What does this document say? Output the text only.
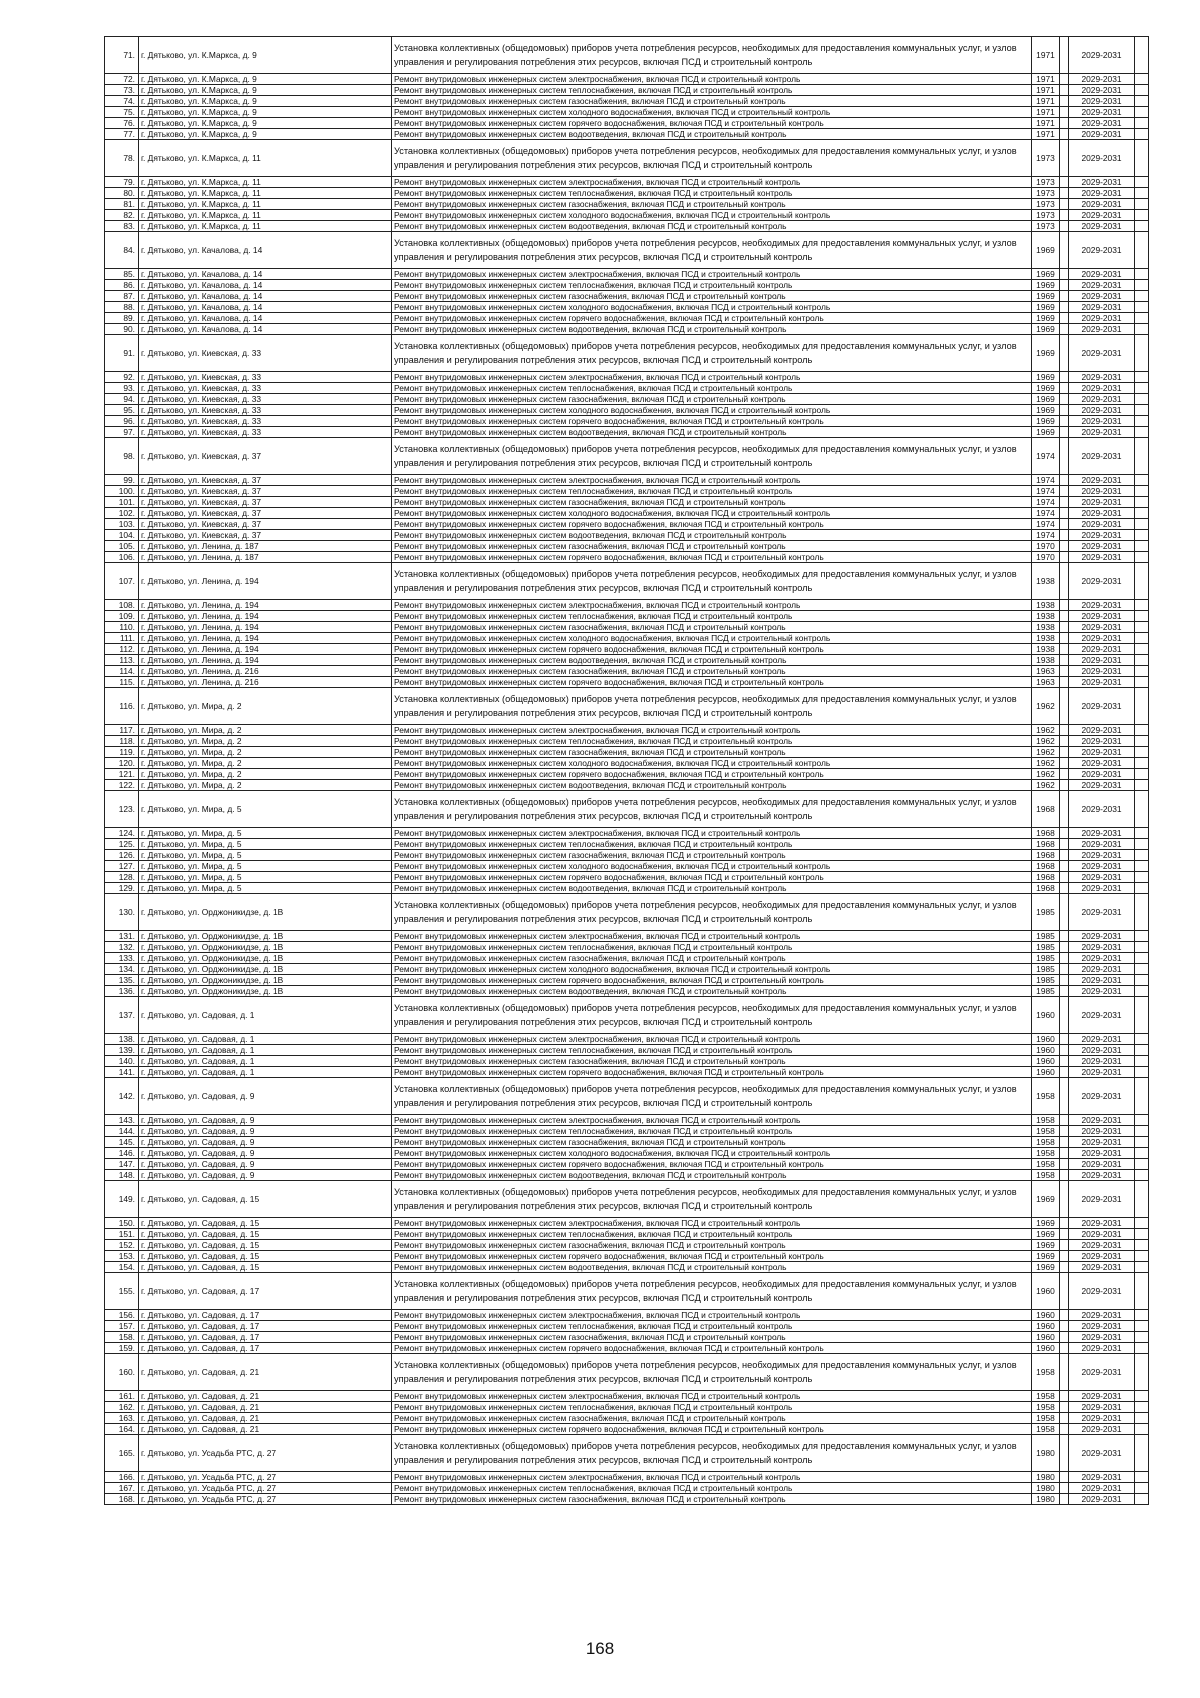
71.	г. Дятьково, ул. К.Маркса, д. 9	Установка коллективных (общедомовых) приборов учета потребления ресурсов, необходимых для предоставления коммунальных услуг, и узлов управления и регулирования потребления этих ресурсов, включая ПСД и строительный контроль	1971		2029-2031	
72.	г. Дятьково, ул. К.Маркса, д. 9	Ремонт внутридомовых инженерных систем электроснабжения, включая ПСД и строительный контроль	1971		2029-2031	
73.	г. Дятьково, ул. К.Маркса, д. 9	Ремонт внутридомовых инженерных систем теплоснабжения, включая ПСД и строительный контроль	1971		2029-2031	
74.	г. Дятьково, ул. К.Маркса, д. 9	Ремонт внутридомовых инженерных систем газоснабжения, включая ПСД и строительный контроль	1971		2029-2031	
75.	г. Дятьково, ул. К.Маркса, д. 9	Ремонт внутридомовых инженерных систем холодного водоснабжения, включая ПСД и строительный контроль	1971		2029-2031	
76.	г. Дятьково, ул. К.Маркса, д. 9	Ремонт внутридомовых инженерных систем горячего водоснабжения, включая ПСД и строительный контроль	1971		2029-2031	
77.	г. Дятьково, ул. К.Маркса, д. 9	Ремонт внутридомовых инженерных систем водоотведения, включая ПСД и строительный контроль	1971		2029-2031	
78.	г. Дятьково, ул. К.Маркса, д. 11	Установка коллективных (общедомовых) приборов учета потребления ресурсов, необходимых для предоставления коммунальных услуг, и узлов управления и регулирования потребления этих ресурсов, включая ПСД и строительный контроль	1973		2029-2031	
79.	г. Дятьково, ул. К.Маркса, д. 11	Ремонт внутридомовых инженерных систем электроснабжения, включая ПСД и строительный контроль	1973		2029-2031	
80.	г. Дятьково, ул. К.Маркса, д. 11	Ремонт внутридомовых инженерных систем теплоснабжения, включая ПСД и строительный контроль	1973		2029-2031	
81.	г. Дятьково, ул. К.Маркса, д. 11	Ремонт внутридомовых инженерных систем газоснабжения, включая ПСД и строительный контроль	1973		2029-2031	
82.	г. Дятьково, ул. К.Маркса, д. 11	Ремонт внутридомовых инженерных систем холодного водоснабжения, включая ПСД и строительный контроль	1973		2029-2031	
83.	г. Дятьково, ул. К.Маркса, д. 11	Ремонт внутридомовых инженерных систем водоотведения, включая ПСД и строительный контроль	1973		2029-2031	
84.	г. Дятьково, ул. Качалова, д. 14	Установка коллективных (общедомовых) приборов учета потребления ресурсов, необходимых для предоставления коммунальных услуг, и узлов управления и регулирования потребления этих ресурсов, включая ПСД и строительный контроль	1969		2029-2031	
85.	г. Дятьково, ул. Качалова, д. 14	Ремонт внутридомовых инженерных систем электроснабжения, включая ПСД и строительный контроль	1969		2029-2031	
86.	г. Дятьково, ул. Качалова, д. 14	Ремонт внутридомовых инженерных систем теплоснабжения, включая ПСД и строительный контроль	1969		2029-2031	
87.	г. Дятьково, ул. Качалова, д. 14	Ремонт внутридомовых инженерных систем газоснабжения, включая ПСД и строительный контроль	1969		2029-2031	
88.	г. Дятьково, ул. Качалова, д. 14	Ремонт внутридомовых инженерных систем холодного водоснабжения, включая ПСД и строительный контроль	1969		2029-2031	
89.	г. Дятьково, ул. Качалова, д. 14	Ремонт внутридомовых инженерных систем горячего водоснабжения, включая ПСД и строительный контроль	1969		2029-2031	
90.	г. Дятьково, ул. Качалова, д. 14	Ремонт внутридомовых инженерных систем водоотведения, включая ПСД и строительный контроль	1969		2029-2031	
91.	г. Дятьково, ул. Киевская, д. 33	Установка коллективных (общедомовых) приборов учета потребления ресурсов, необходимых для предоставления коммунальных услуг, и узлов управления и регулирования потребления этих ресурсов, включая ПСД и строительный контроль	1969		2029-2031	
92.	г. Дятьково, ул. Киевская, д. 33	Ремонт внутридомовых инженерных систем электроснабжения, включая ПСД и строительный контроль	1969		2029-2031	
93.	г. Дятьково, ул. Киевская, д. 33	Ремонт внутридомовых инженерных систем теплоснабжения, включая ПСД и строительный контроль	1969		2029-2031	
94.	г. Дятьково, ул. Киевская, д. 33	Ремонт внутридомовых инженерных систем газоснабжения, включая ПСД и строительный контроль	1969		2029-2031	
95.	г. Дятьково, ул. Киевская, д. 33	Ремонт внутридомовых инженерных систем холодного водоснабжения, включая ПСД и строительный контроль	1969		2029-2031	
96.	г. Дятьково, ул. Киевская, д. 33	Ремонт внутридомовых инженерных систем горячего водоснабжения, включая ПСД и строительный контроль	1969		2029-2031	
97.	г. Дятьково, ул. Киевская, д. 33	Ремонт внутридомовых инженерных систем водоотведения, включая ПСД и строительный контроль	1969		2029-2031	
98.	г. Дятьково, ул. Киевская, д. 37	Установка коллективных (общедомовых) приборов учета потребления ресурсов, необходимых для предоставления коммунальных услуг, и узлов управления и регулирования потребления этих ресурсов, включая ПСД и строительный контроль	1974		2029-2031	
99.	г. Дятьково, ул. Киевская, д. 37	Ремонт внутридомовых инженерных систем электроснабжения, включая ПСД и строительный контроль	1974		2029-2031	
100.	г. Дятьково, ул. Киевская, д. 37	Ремонт внутридомовых инженерных систем теплоснабжения, включая ПСД и строительный контроль	1974		2029-2031	
101.	г. Дятьково, ул. Киевская, д. 37	Ремонт внутридомовых инженерных систем газоснабжения, включая ПСД и строительный контроль	1974		2029-2031	
102.	г. Дятьково, ул. Киевская, д. 37	Ремонт внутридомовых инженерных систем холодного водоснабжения, включая ПСД и строительный контроль	1974		2029-2031	
103.	г. Дятьково, ул. Киевская, д. 37	Ремонт внутридомовых инженерных систем горячего водоснабжения, включая ПСД и строительный контроль	1974		2029-2031	
104.	г. Дятьково, ул. Киевская, д. 37	Ремонт внутридомовых инженерных систем водоотведения, включая ПСД и строительный контроль	1974		2029-2031	
105.	г. Дятьково, ул. Ленина, д. 187	Ремонт внутридомовых инженерных систем газоснабжения, включая ПСД и строительный контроль	1970		2029-2031	
106.	г. Дятьково, ул. Ленина, д. 187	Ремонт внутридомовых инженерных систем горячего водоснабжения, включая ПСД и строительный контроль	1970		2029-2031	
107.	г. Дятьково, ул. Ленина, д. 194	Установка коллективных (общедомовых) приборов учета потребления ресурсов, необходимых для предоставления коммунальных услуг, и узлов управления и регулирования потребления этих ресурсов, включая ПСД и строительный контроль	1938		2029-2031	
108.	г. Дятьково, ул. Ленина, д. 194	Ремонт внутридомовых инженерных систем электроснабжения, включая ПСД и строительный контроль	1938		2029-2031	
109.	г. Дятьково, ул. Ленина, д. 194	Ремонт внутридомовых инженерных систем теплоснабжения, включая ПСД и строительный контроль	1938		2029-2031	
110.	г. Дятьково, ул. Ленина, д. 194	Ремонт внутридомовых инженерных систем газоснабжения, включая ПСД и строительный контроль	1938		2029-2031	
111.	г. Дятьково, ул. Ленина, д. 194	Ремонт внутридомовых инженерных систем холодного водоснабжения, включая ПСД и строительный контроль	1938		2029-2031	
112.	г. Дятьково, ул. Ленина, д. 194	Ремонт внутридомовых инженерных систем горячего водоснабжения, включая ПСД и строительный контроль	1938		2029-2031	
113.	г. Дятьково, ул. Ленина, д. 194	Ремонт внутридомовых инженерных систем водоотведения, включая ПСД и строительный контроль	1938		2029-2031	
114.	г. Дятьково, ул. Ленина, д. 216	Ремонт внутридомовых инженерных систем газоснабжения, включая ПСД и строительный контроль	1963		2029-2031	
115.	г. Дятьково, ул. Ленина, д. 216	Ремонт внутридомовых инженерных систем горячего водоснабжения, включая ПСД и строительный контроль	1963		2029-2031	
116.	г. Дятьково, ул. Мира, д. 2	Установка коллективных (общедомовых) приборов учета потребления ресурсов, необходимых для предоставления коммунальных услуг, и узлов управления и регулирования потребления этих ресурсов, включая ПСД и строительный контроль	1962		2029-2031	
117.	г. Дятьково, ул. Мира, д. 2	Ремонт внутридомовых инженерных систем электроснабжения, включая ПСД и строительный контроль	1962		2029-2031	
118.	г. Дятьково, ул. Мира, д. 2	Ремонт внутридомовых инженерных систем теплоснабжения, включая ПСД и строительный контроль	1962		2029-2031	
119.	г. Дятьково, ул. Мира, д. 2	Ремонт внутридомовых инженерных систем газоснабжения, включая ПСД и строительный контроль	1962		2029-2031	
120.	г. Дятьково, ул. Мира, д. 2	Ремонт внутридомовых инженерных систем холодного водоснабжения, включая ПСД и строительный контроль	1962		2029-2031	
121.	г. Дятьково, ул. Мира, д. 2	Ремонт внутридомовых инженерных систем горячего водоснабжения, включая ПСД и строительный контроль	1962		2029-2031	
122.	г. Дятьково, ул. Мира, д. 2	Ремонт внутридомовых инженерных систем водоотведения, включая ПСД и строительный контроль	1962		2029-2031	
123.	г. Дятьково, ул. Мира, д. 5	Установка коллективных (общедомовых) приборов учета потребления ресурсов, необходимых для предоставления коммунальных услуг, и узлов управления и регулирования потребления этих ресурсов, включая ПСД и строительный контроль	1968		2029-2031	
124.	г. Дятьково, ул. Мира, д. 5	Ремонт внутридомовых инженерных систем электроснабжения, включая ПСД и строительный контроль	1968		2029-2031	
125.	г. Дятьково, ул. Мира, д. 5	Ремонт внутридомовых инженерных систем теплоснабжения, включая ПСД и строительный контроль	1968		2029-2031	
126.	г. Дятьково, ул. Мира, д. 5	Ремонт внутридомовых инженерных систем газоснабжения, включая ПСД и строительный контроль	1968		2029-2031	
127.	г. Дятьково, ул. Мира, д. 5	Ремонт внутридомовых инженерных систем холодного водоснабжения, включая ПСД и строительный контроль	1968		2029-2031	
128.	г. Дятьково, ул. Мира, д. 5	Ремонт внутридомовых инженерных систем горячего водоснабжения, включая ПСД и строительный контроль	1968		2029-2031	
129.	г. Дятьково, ул. Мира, д. 5	Ремонт внутридомовых инженерных систем водоотведения, включая ПСД и строительный контроль	1968		2029-2031	
130.	г. Дятьково, ул. Орджоникидзе, д. 1В	Установка коллективных (общедомовых) приборов учета потребления ресурсов, необходимых для предоставления коммунальных услуг, и узлов управления и регулирования потребления этих ресурсов, включая ПСД и строительный контроль	1985		2029-2031	
131.	г. Дятьково, ул. Орджоникидзе, д. 1В	Ремонт внутридомовых инженерных систем электроснабжения, включая ПСД и строительный контроль	1985		2029-2031	
132.	г. Дятьково, ул. Орджоникидзе, д. 1В	Ремонт внутридомовых инженерных систем теплоснабжения, включая ПСД и строительный контроль	1985		2029-2031	
133.	г. Дятьково, ул. Орджоникидзе, д. 1В	Ремонт внутридомовых инженерных систем газоснабжения, включая ПСД и строительный контроль	1985		2029-2031	
134.	г. Дятьково, ул. Орджоникидзе, д. 1В	Ремонт внутридомовых инженерных систем холодного водоснабжения, включая ПСД и строительный контроль	1985		2029-2031	
135.	г. Дятьково, ул. Орджоникидзе, д. 1В	Ремонт внутридомовых инженерных систем горячего водоснабжения, включая ПСД и строительный контроль	1985		2029-2031	
136.	г. Дятьково, ул. Орджоникидзе, д. 1В	Ремонт внутридомовых инженерных систем водоотведения, включая ПСД и строительный контроль	1985		2029-2031	
137.	г. Дятьково, ул. Садовая, д. 1	Установка коллективных (общедомовых) приборов учета потребления ресурсов, необходимых для предоставления коммунальных услуг, и узлов управления и регулирования потребления этих ресурсов, включая ПСД и строительный контроль	1960		2029-2031	
138.	г. Дятьково, ул. Садовая, д. 1	Ремонт внутридомовых инженерных систем электроснабжения, включая ПСД и строительный контроль	1960		2029-2031	
139.	г. Дятьково, ул. Садовая, д. 1	Ремонт внутридомовых инженерных систем теплоснабжения, включая ПСД и строительный контроль	1960		2029-2031	
140.	г. Дятьково, ул. Садовая, д. 1	Ремонт внутридомовых инженерных систем газоснабжения, включая ПСД и строительный контроль	1960		2029-2031	
141.	г. Дятьково, ул. Садовая, д. 1	Ремонт внутридомовых инженерных систем горячего водоснабжения, включая ПСД и строительный контроль	1960		2029-2031	
142.	г. Дятьково, ул. Садовая, д. 9	Установка коллективных (общедомовых) приборов учета потребления ресурсов, необходимых для предоставления коммунальных услуг, и узлов управления и регулирования потребления этих ресурсов, включая ПСД и строительный контроль	1958		2029-2031	
143.	г. Дятьково, ул. Садовая, д. 9	Ремонт внутридомовых инженерных систем электроснабжения, включая ПСД и строительный контроль	1958		2029-2031	
144.	г. Дятьково, ул. Садовая, д. 9	Ремонт внутридомовых инженерных систем теплоснабжения, включая ПСД и строительный контроль	1958		2029-2031	
145.	г. Дятьково, ул. Садовая, д. 9	Ремонт внутридомовых инженерных систем газоснабжения, включая ПСД и строительный контроль	1958		2029-2031	
146.	г. Дятьково, ул. Садовая, д. 9	Ремонт внутридомовых инженерных систем холодного водоснабжения, включая ПСД и строительный контроль	1958		2029-2031	
147.	г. Дятьково, ул. Садовая, д. 9	Ремонт внутридомовых инженерных систем горячего водоснабжения, включая ПСД и строительный контроль	1958		2029-2031	
148.	г. Дятьково, ул. Садовая, д. 9	Ремонт внутридомовых инженерных систем водоотведения, включая ПСД и строительный контроль	1958		2029-2031	
149.	г. Дятьково, ул. Садовая, д. 15	Установка коллективных (общедомовых) приборов учета потребления ресурсов, необходимых для предоставления коммунальных услуг, и узлов управления и регулирования потребления этих ресурсов, включая ПСД и строительный контроль	1969		2029-2031	
150.	г. Дятьково, ул. Садовая, д. 15	Ремонт внутридомовых инженерных систем электроснабжения, включая ПСД и строительный контроль	1969		2029-2031	
151.	г. Дятьково, ул. Садовая, д. 15	Ремонт внутридомовых инженерных систем теплоснабжения, включая ПСД и строительный контроль	1969		2029-2031	
152.	г. Дятьково, ул. Садовая, д. 15	Ремонт внутридомовых инженерных систем газоснабжения, включая ПСД и строительный контроль	1969		2029-2031	
153.	г. Дятьково, ул. Садовая, д. 15	Ремонт внутридомовых инженерных систем горячего водоснабжения, включая ПСД и строительный контроль	1969		2029-2031	
154.	г. Дятьково, ул. Садовая, д. 15	Ремонт внутридомовых инженерных систем водоотведения, включая ПСД и строительный контроль	1969		2029-2031	
155.	г. Дятьково, ул. Садовая, д. 17	Установка коллективных (общедомовых) приборов учета потребления ресурсов, необходимых для предоставления коммунальных услуг, и узлов управления и регулирования потребления этих ресурсов, включая ПСД и строительный контроль	1960		2029-2031	
156.	г. Дятьково, ул. Садовая, д. 17	Ремонт внутридомовых инженерных систем электроснабжения, включая ПСД и строительный контроль	1960		2029-2031	
157.	г. Дятьково, ул. Садовая, д. 17	Ремонт внутридомовых инженерных систем теплоснабжения, включая ПСД и строительный контроль	1960		2029-2031	
158.	г. Дятьково, ул. Садовая, д. 17	Ремонт внутридомовых инженерных систем газоснабжения, включая ПСД и строительный контроль	1960		2029-2031	
159.	г. Дятьково, ул. Садовая, д. 17	Ремонт внутридомовых инженерных систем горячего водоснабжения, включая ПСД и строительный контроль	1960		2029-2031	
160.	г. Дятьково, ул. Садовая, д. 21	Установка коллективных (общедомовых) приборов учета потребления ресурсов, необходимых для предоставления коммунальных услуг, и узлов управления и регулирования потребления этих ресурсов, включая ПСД и строительный контроль	1958		2029-2031	
161.	г. Дятьково, ул. Садовая, д. 21	Ремонт внутридомовых инженерных систем электроснабжения, включая ПСД и строительный контроль	1958		2029-2031	
162.	г. Дятьково, ул. Садовая, д. 21	Ремонт внутридомовых инженерных систем теплоснабжения, включая ПСД и строительный контроль	1958		2029-2031	
163.	г. Дятьково, ул. Садовая, д. 21	Ремонт внутридомовых инженерных систем газоснабжения, включая ПСД и строительный контроль	1958		2029-2031	
164.	г. Дятьково, ул. Садовая, д. 21	Ремонт внутридомовых инженерных систем горячего водоснабжения, включая ПСД и строительный контроль	1958		2029-2031	
165.	г. Дятьково, ул. Усадьба РТС, д. 27	Установка коллективных (общедомовых) приборов учета потребления ресурсов, необходимых для предоставления коммунальных услуг, и узлов управления и регулирования потребления этих ресурсов, включая ПСД и строительный контроль	1980		2029-2031	
166.	г. Дятьково, ул. Усадьба РТС, д. 27	Ремонт внутридомовых инженерных систем электроснабжения, включая ПСД и строительный контроль	1980		2029-2031	
167.	г. Дятьково, ул. Усадьба РТС, д. 27	Ремонт внутридомовых инженерных систем теплоснабжения, включая ПСД и строительный контроль	1980		2029-2031	
168.	г. Дятьково, ул. Усадьба РТС, д. 27	Ремонт внутридомовых инженерных систем газоснабжения, включая ПСД и строительный контроль	1980		2029-2031	
168
